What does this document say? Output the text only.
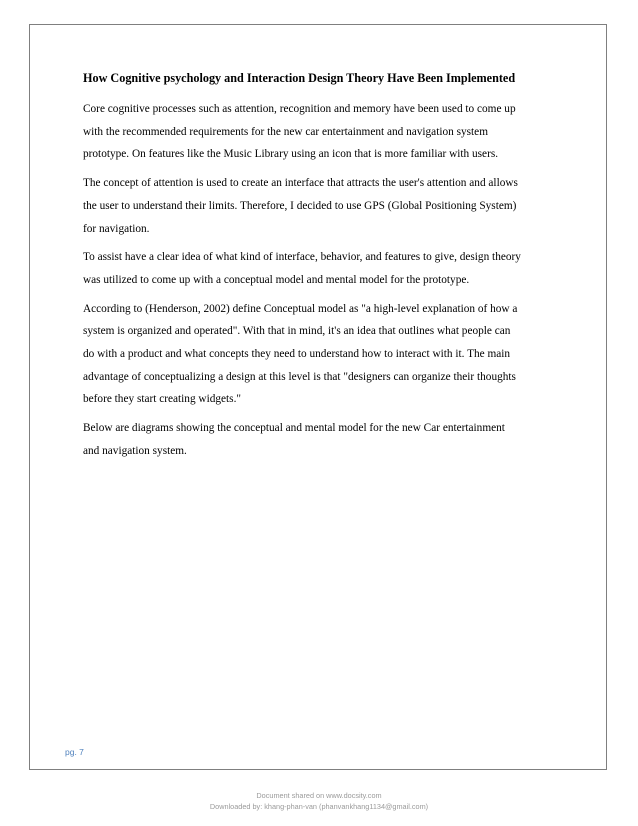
How Cognitive psychology and Interaction Design Theory Have Been Implemented
Core cognitive processes such as attention, recognition and memory have been used to come up
with the recommended requirements for the new car entertainment and navigation system
prototype. On features like the Music Library using an icon that is more familiar with users.
The concept of attention is used to create an interface that attracts the user's attention and allows
the user to understand their limits. Therefore, I decided to use GPS (Global Positioning System)
for navigation.
To assist have a clear idea of what kind of interface, behavior, and features to give, design theory
was utilized to come up with a conceptual model and mental model for the prototype.
According to (Henderson, 2002) define Conceptual model as "a high-level explanation of how a
system is organized and operated". With that in mind, it's an idea that outlines what people can
do with a product and what concepts they need to understand how to interact with it. The main
advantage of conceptualizing a design at this level is that "designers can organize their thoughts
before they start creating widgets."
Below are diagrams showing the conceptual and mental model for the new Car entertainment
and navigation system.
pg. 7
Document shared on www.docsity.com
Downloaded by: khang-phan-van (phanvankhang1134@gmail.com)
